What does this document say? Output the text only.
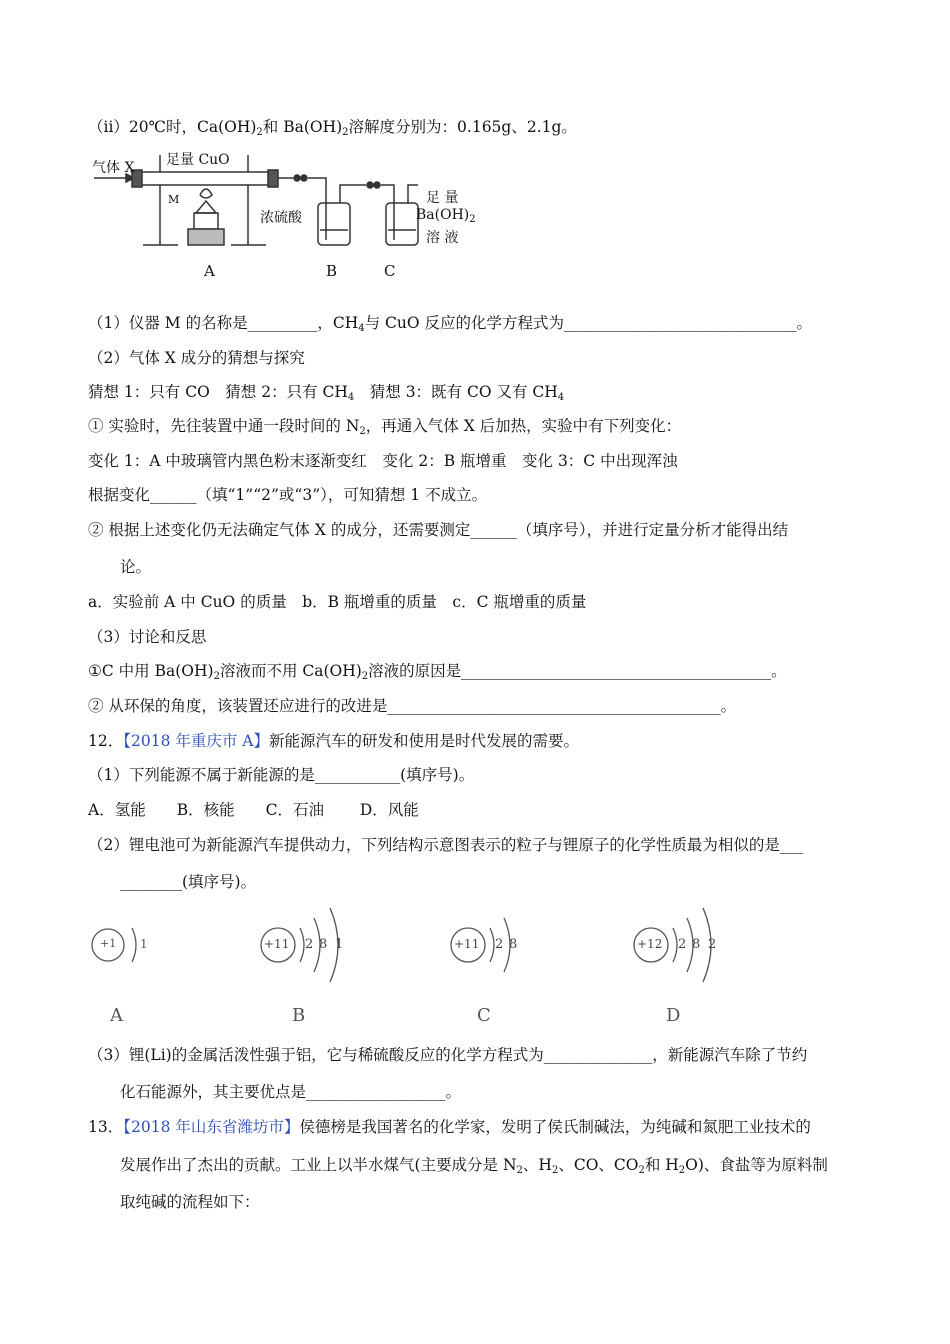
（ⅱ）20℃时，$Ca(OH)_2$和 $Ba(OH)_2$溶解度分别为：0.165g、2.1g。
气体 X 足量 CuO
M
浓硫酸
足 量
$Ba(OH)_2$
溶 液
A	B	C
（1）仪器 M 的名称是_________，$CH_4$与 CuO 反应的化学方程式为______________________________。
（2）气体 X 成分的猜想与探究
猜想 1：只有 CO　猜想 2：只有 $CH_4$　猜想 3：既有 CO 又有 $CH_4$
① 实验时，先往装置中通一段时间的 $N_2$，再通入气体 X 后加热，实验中有下列变化：
变化 1：A 中玻璃管内黑色粉末逐渐变红　变化 2：B 瓶增重　变化 3：C 中出现浑浊
根据变化______（填“1”“2”或“3”），可知猜想 1 不成立。
② 根据上述变化仍无法确定气体 X 的成分，还需要测定______（填序号），并进行定量分析才能得出结
论。
a．实验前 A 中 CuO 的质量　b．B 瓶增重的质量　c．C 瓶增重的质量
（3）讨论和反思
①C 中用 $Ba(OH)_2$溶液而不用 $Ca(OH)_2$溶液的原因是________________________________________。
② 从环保的角度，该装置还应进行的改进是___________________________________________。
12．【2018 年重庆市 A】新能源汽车的研发和使用是时代发展的需要。
（1）下列能源不属于新能源的是___________(填序号)。
A．氢能　　B．核能　　C．石油　　 D．风能
（2）锂电池可为新能源汽车提供动力，下列结构示意图表示的粒子与锂原子的化学性质最为相似的是___
________(填序号)。
+1 1
A
+11 2 8 1
B
+11 2 8
C
+12 2 8 2
D
（3）锂(Li)的金属活泼性强于铝，它与稀硫酸反应的化学方程式为______________，新能源汽车除了节约
化石能源外，其主要优点是__________________。
13．【2018 年山东省潍坊市】侯德榜是我国著名的化学家，发明了侯氏制碱法，为纯碱和氮肥工业技术的
发展作出了杰出的贡献。工业上以半水煤气(主要成分是 $N_2$、$H_2$、CO、$CO_2$和 $H_2O$)、食盐等为原料制
取纯碱的流程如下：
